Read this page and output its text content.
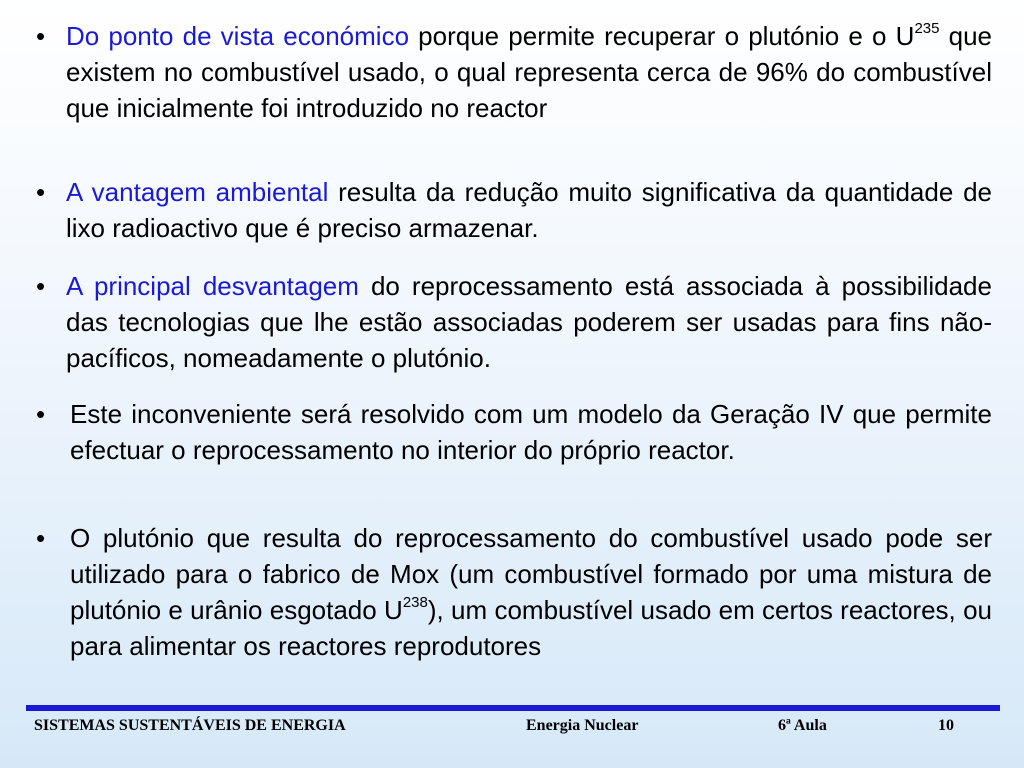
• Do ponto de vista económico porque permite recuperar o plutónio e o $U^{235}$ que existem no combustível usado, o qual representa cerca de 96% do combustível que inicialmente foi introduzido no reactor
• A vantagem ambiental resulta da redução muito significativa da quantidade de lixo radioactivo que é preciso armazenar.
• A principal desvantagem do reprocessamento está associada à possibilidade das tecnologias que lhe estão associadas poderem ser usadas para fins não-pacíficos, nomeadamente o plutónio.
• Este inconveniente será resolvido com um modelo da Geração IV que permite efectuar o reprocessamento no interior do próprio reactor.
• O plutónio que resulta do reprocessamento do combustível usado pode ser utilizado para o fabrico de Mox (um combustível formado por uma mistura de plutónio e urânio esgotado $U^{238}$), um combustível usado em certos reactores, ou para alimentar os reactores reprodutores
SISTEMAS SUSTENTÁVEIS DE ENERGIA	Energia Nuclear	6ª Aula	10
